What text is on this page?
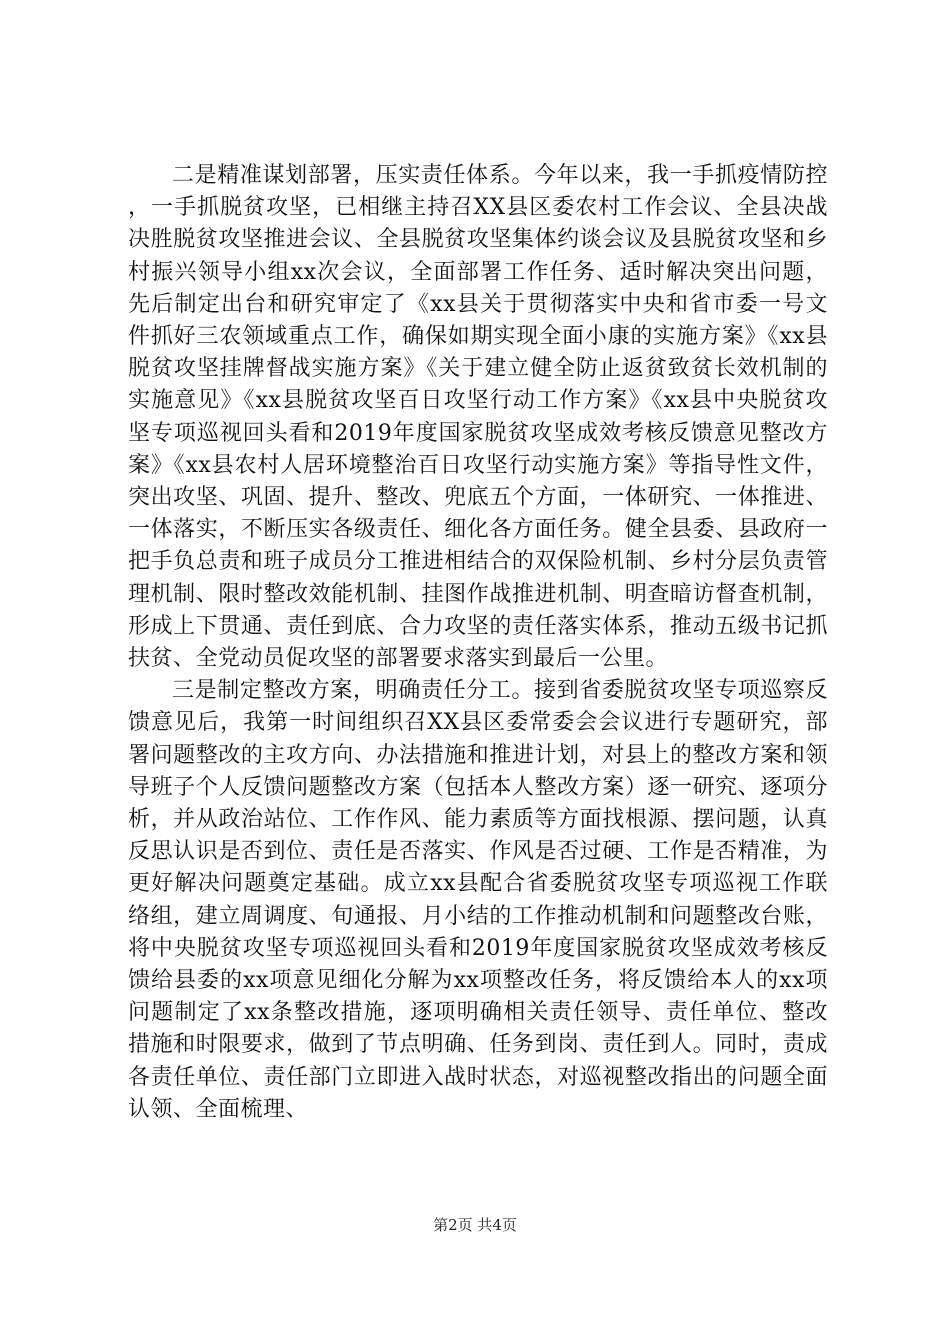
二是精准谋划部署，压实责任体系。今年以来，我一手抓疫情防控，一手抓脱贫攻坚，已相继主持召XX县区委农村工作会议、全县决战决胜脱贫攻坚推进会议、全县脱贫攻坚集体约谈会议及县脱贫攻坚和乡村振兴领导小组xx次会议，全面部署工作任务、适时解决突出问题，先后制定出台和研究审定了《xx县关于贯彻落实中央和省市委一号文件抓好三农领域重点工作，确保如期实现全面小康的实施方案》《xx县脱贫攻坚挂牌督战实施方案》《关于建立健全防止返贫致贫长效机制的实施意见》《xx县脱贫攻坚百日攻坚行动工作方案》《xx县中央脱贫攻坚专项巡视回头看和2019年度国家脱贫攻坚成效考核反馈意见整改方案》《xx县农村人居环境整治百日攻坚行动实施方案》等指导性文件，突出攻坚、巩固、提升、整改、兜底五个方面，一体研究、一体推进、一体落实，不断压实各级责任、细化各方面任务。健全县委、县政府一把手负总责和班子成员分工推进相结合的双保险机制、乡村分层负责管理机制、限时整改效能机制、挂图作战推进机制、明查暗访督查机制，形成上下贯通、责任到底、合力攻坚的责任落实体系，推动五级书记抓扶贫、全党动员促攻坚的部署要求落实到最后一公里。

三是制定整改方案，明确责任分工。接到省委脱贫攻坚专项巡察反馈意见后，我第一时间组织召XX县区委常委会会议进行专题研究，部署问题整改的主攻方向、办法措施和推进计划，对县上的整改方案和领导班子个人反馈问题整改方案（包括本人整改方案）逐一研究、逐项分析，并从政治站位、工作作风、能力素质等方面找根源、摆问题，认真反思认识是否到位、责任是否落实、作风是否过硬、工作是否精准，为更好解决问题奠定基础。成立xx县配合省委脱贫攻坚专项巡视工作联络组，建立周调度、旬通报、月小结的工作推动机制和问题整改台账，将中央脱贫攻坚专项巡视回头看和2019年度国家脱贫攻坚成效考核反馈给县委的xx项意见细化分解为xx项整改任务，将反馈给本人的xx项问题制定了xx条整改措施，逐项明确相关责任领导、责任单位、整改措施和时限要求，做到了节点明确、任务到岗、责任到人。同时，责成各责任单位、责任部门立即进入战时状态，对巡视整改指出的问题全面认领、全面梳理、

第2页 共4页
